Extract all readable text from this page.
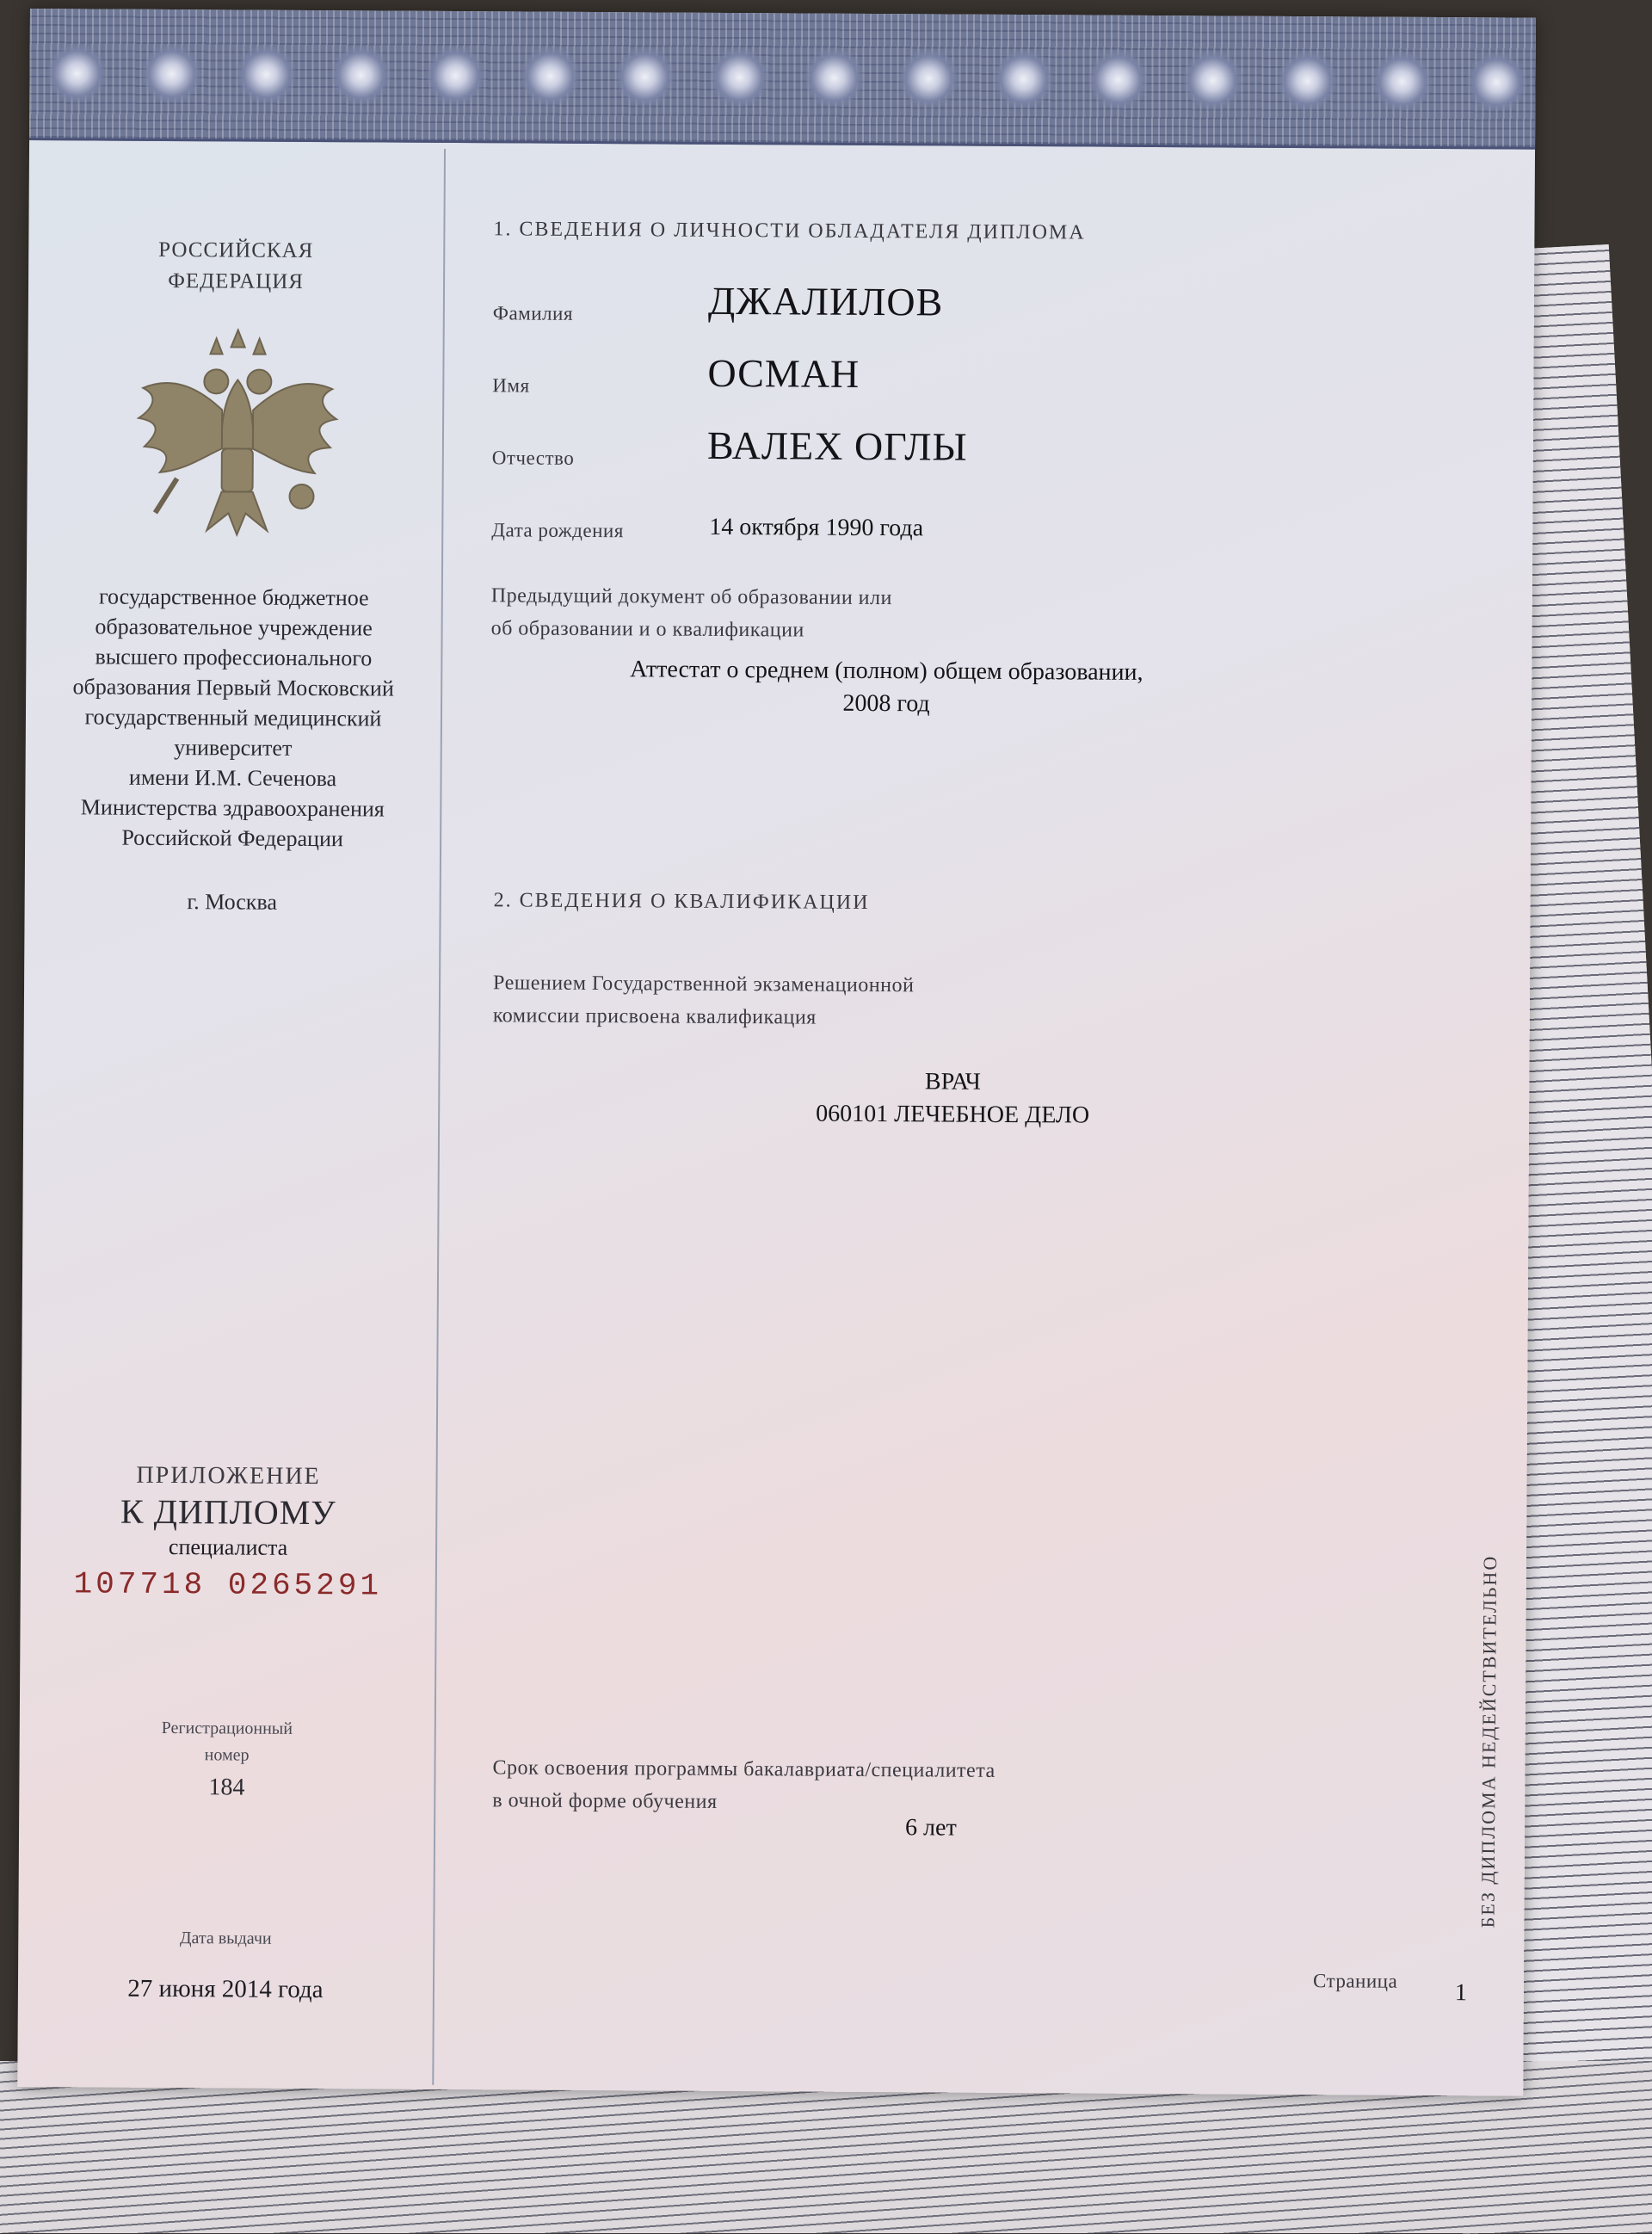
РОССИЙСКАЯ
ФЕДЕРАЦИЯ
государственное бюджетное
образовательное учреждение
высшего профессионального
образования Первый Московский
государственный медицинский
университет
имени И.М. Сеченова
Министерства здравоохранения
Российской Федерации
г. Москва
ПРИЛОЖЕНИЕ
К ДИПЛОМУ
специалиста
107718 0265291
Регистрационный
номер
184
Дата выдачи
27 июня 2014 года
1. СВЕДЕНИЯ О ЛИЧНОСТИ ОБЛАДАТЕЛЯ ДИПЛОМА
Фамилия	ДЖАЛИЛОВ
Имя	ОСМАН
Отчество	ВАЛЕХ ОГЛЫ
Дата рождения	14 октября 1990 года
Предыдущий документ об образовании или
об образовании и о квалификации
Аттестат о среднем (полном) общем образовании,
2008 год
2. СВЕДЕНИЯ О КВАЛИФИКАЦИИ
Решением Государственной экзаменационной
комиссии присвоена квалификация
ВРАЧ
060101 ЛЕЧЕБНОЕ ДЕЛО
Срок освоения программы бакалавриата/специалитета
в очной форме обучения
6 лет
Страница 1
БЕЗ ДИПЛОМА НЕДЕЙСТВИТЕЛЬНО
